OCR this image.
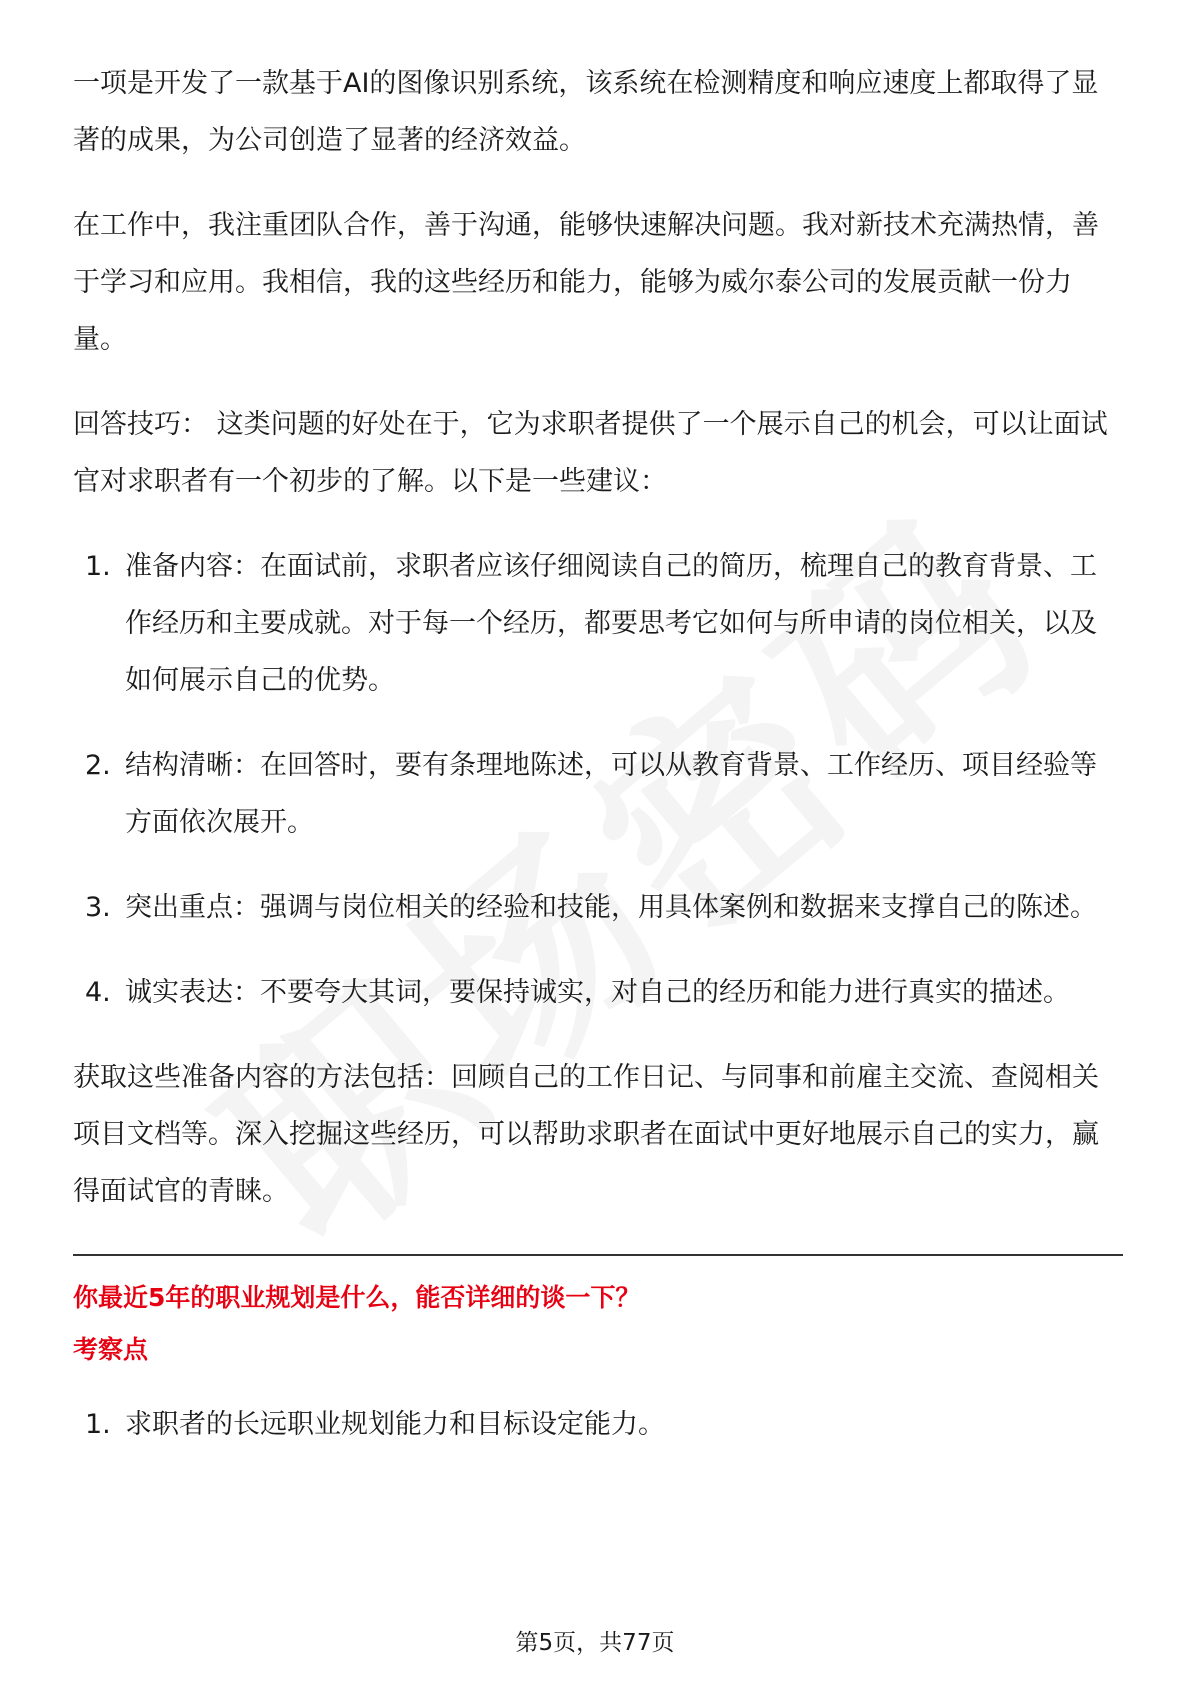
一项是开发了一款基于AI的图像识别系统，该系统在检测精度和响应速度上都取得了显著的成果，为公司创造了显著的经济效益。

在工作中，我注重团队合作，善于沟通，能够快速解决问题。我对新技术充满热情，善于学习和应用。我相信，我的这些经历和能力，能够为威尔泰公司的发展贡献一份力量。

回答技巧： 这类问题的好处在于，它为求职者提供了一个展示自己的机会，可以让面试官对求职者有一个初步的了解。以下是一些建议：

1. 准备内容：在面试前，求职者应该仔细阅读自己的简历，梳理自己的教育背景、工作经历和主要成就。对于每一个经历，都要思考它如何与所申请的岗位相关，以及如何展示自己的优势。
2. 结构清晰：在回答时，要有条理地陈述，可以从教育背景、工作经历、项目经验等方面依次展开。
3. 突出重点：强调与岗位相关的经验和技能，用具体案例和数据来支撑自己的陈述。
4. 诚实表达：不要夸大其词，要保持诚实，对自己的经历和能力进行真实的描述。

获取这些准备内容的方法包括：回顾自己的工作日记、与同事和前雇主交流、查阅相关项目文档等。深入挖掘这些经历，可以帮助求职者在面试中更好地展示自己的实力，赢得面试官的青睐。

你最近5年的职业规划是什么，能否详细的谈一下？
考察点
1. 求职者的长远职业规划能力和目标设定能力。
第5页，共77页
